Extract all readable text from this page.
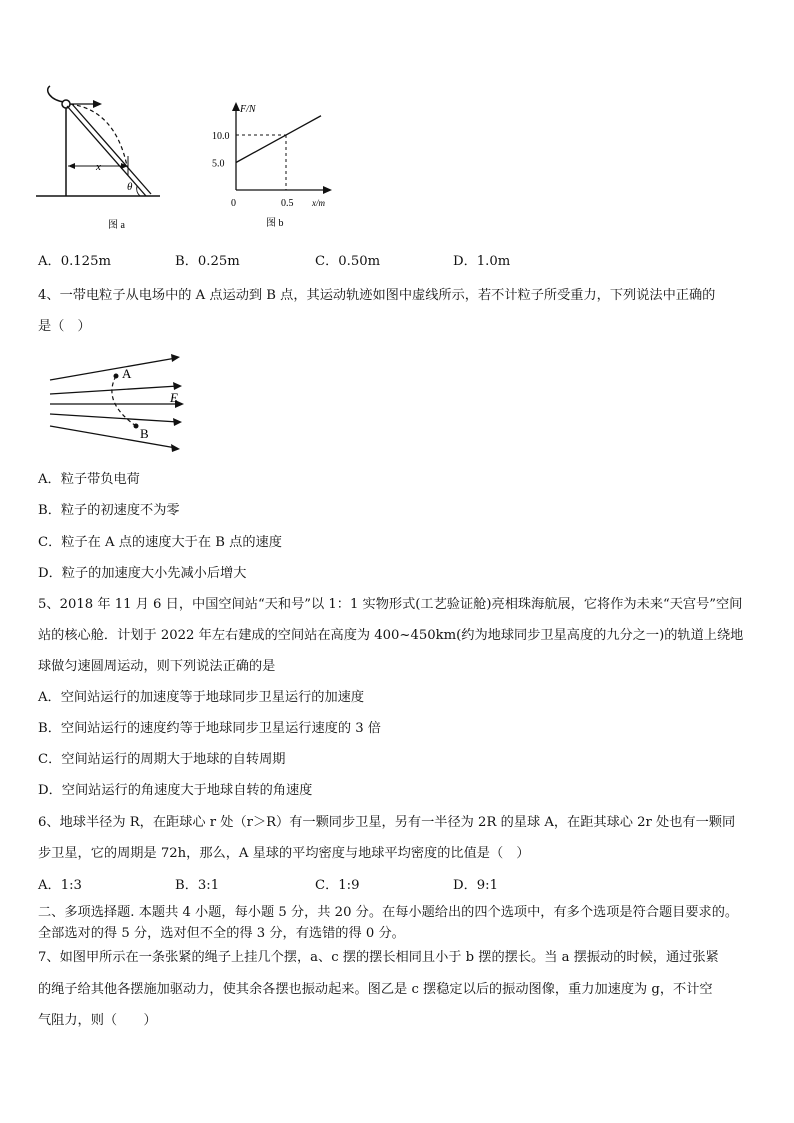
x
θ
图 a
F/N
x/m
10.0
5.0
0	0.5
图 b
A．0.125m	B．0.25m	C．0.50m	D．1.0m
4、一带电粒子从电场中的 A 点运动到 B 点，其运动轨迹如图中虚线所示，若不计粒子所受重力，下列说法中正确的
是（　）
A
B
E
A．粒子带负电荷
B．粒子的初速度不为零
C．粒子在 A 点的速度大于在 B 点的速度
D．粒子的加速度大小先减小后增大
5、2018 年 11 月 6 日，中国空间站“天和号”以 1：1 实物形式(工艺验证舱)亮相珠海航展，它将作为未来“天宫号”空间
站的核心舱．计划于 2022 年左右建成的空间站在高度为 400~450km(约为地球同步卫星高度的九分之一)的轨道上绕地
球做匀速圆周运动，则下列说法正确的是
A．空间站运行的加速度等于地球同步卫星运行的加速度
B．空间站运行的速度约等于地球同步卫星运行速度的 3 倍
C．空间站运行的周期大于地球的自转周期
D．空间站运行的角速度大于地球自转的角速度
6、地球半径为 R，在距球心 r 处（r＞R）有一颗同步卫星，另有一半径为 2R 的星球 A，在距其球心 2r 处也有一颗同
步卫星，它的周期是 72h，那么，A 星球的平均密度与地球平均密度的比值是（　）
A．1:3	B．3:1	C．1:9	D．9:1
二、多项选择题. 本题共 4 小题，每小题 5 分，共 20 分。在每小题给出的四个选项中，有多个选项是符合题目要求的。
全部选对的得 5 分，选对但不全的得 3 分，有选错的得 0 分。
7、如图甲所示在一条张紧的绳子上挂几个摆，a、c 摆的摆长相同且小于 b 摆的摆长。当 a 摆振动的时候，通过张紧
的绳子给其他各摆施加驱动力，使其余各摆也振动起来。图乙是 c 摆稳定以后的振动图像，重力加速度为 g，不计空
气阻力，则（　　）
